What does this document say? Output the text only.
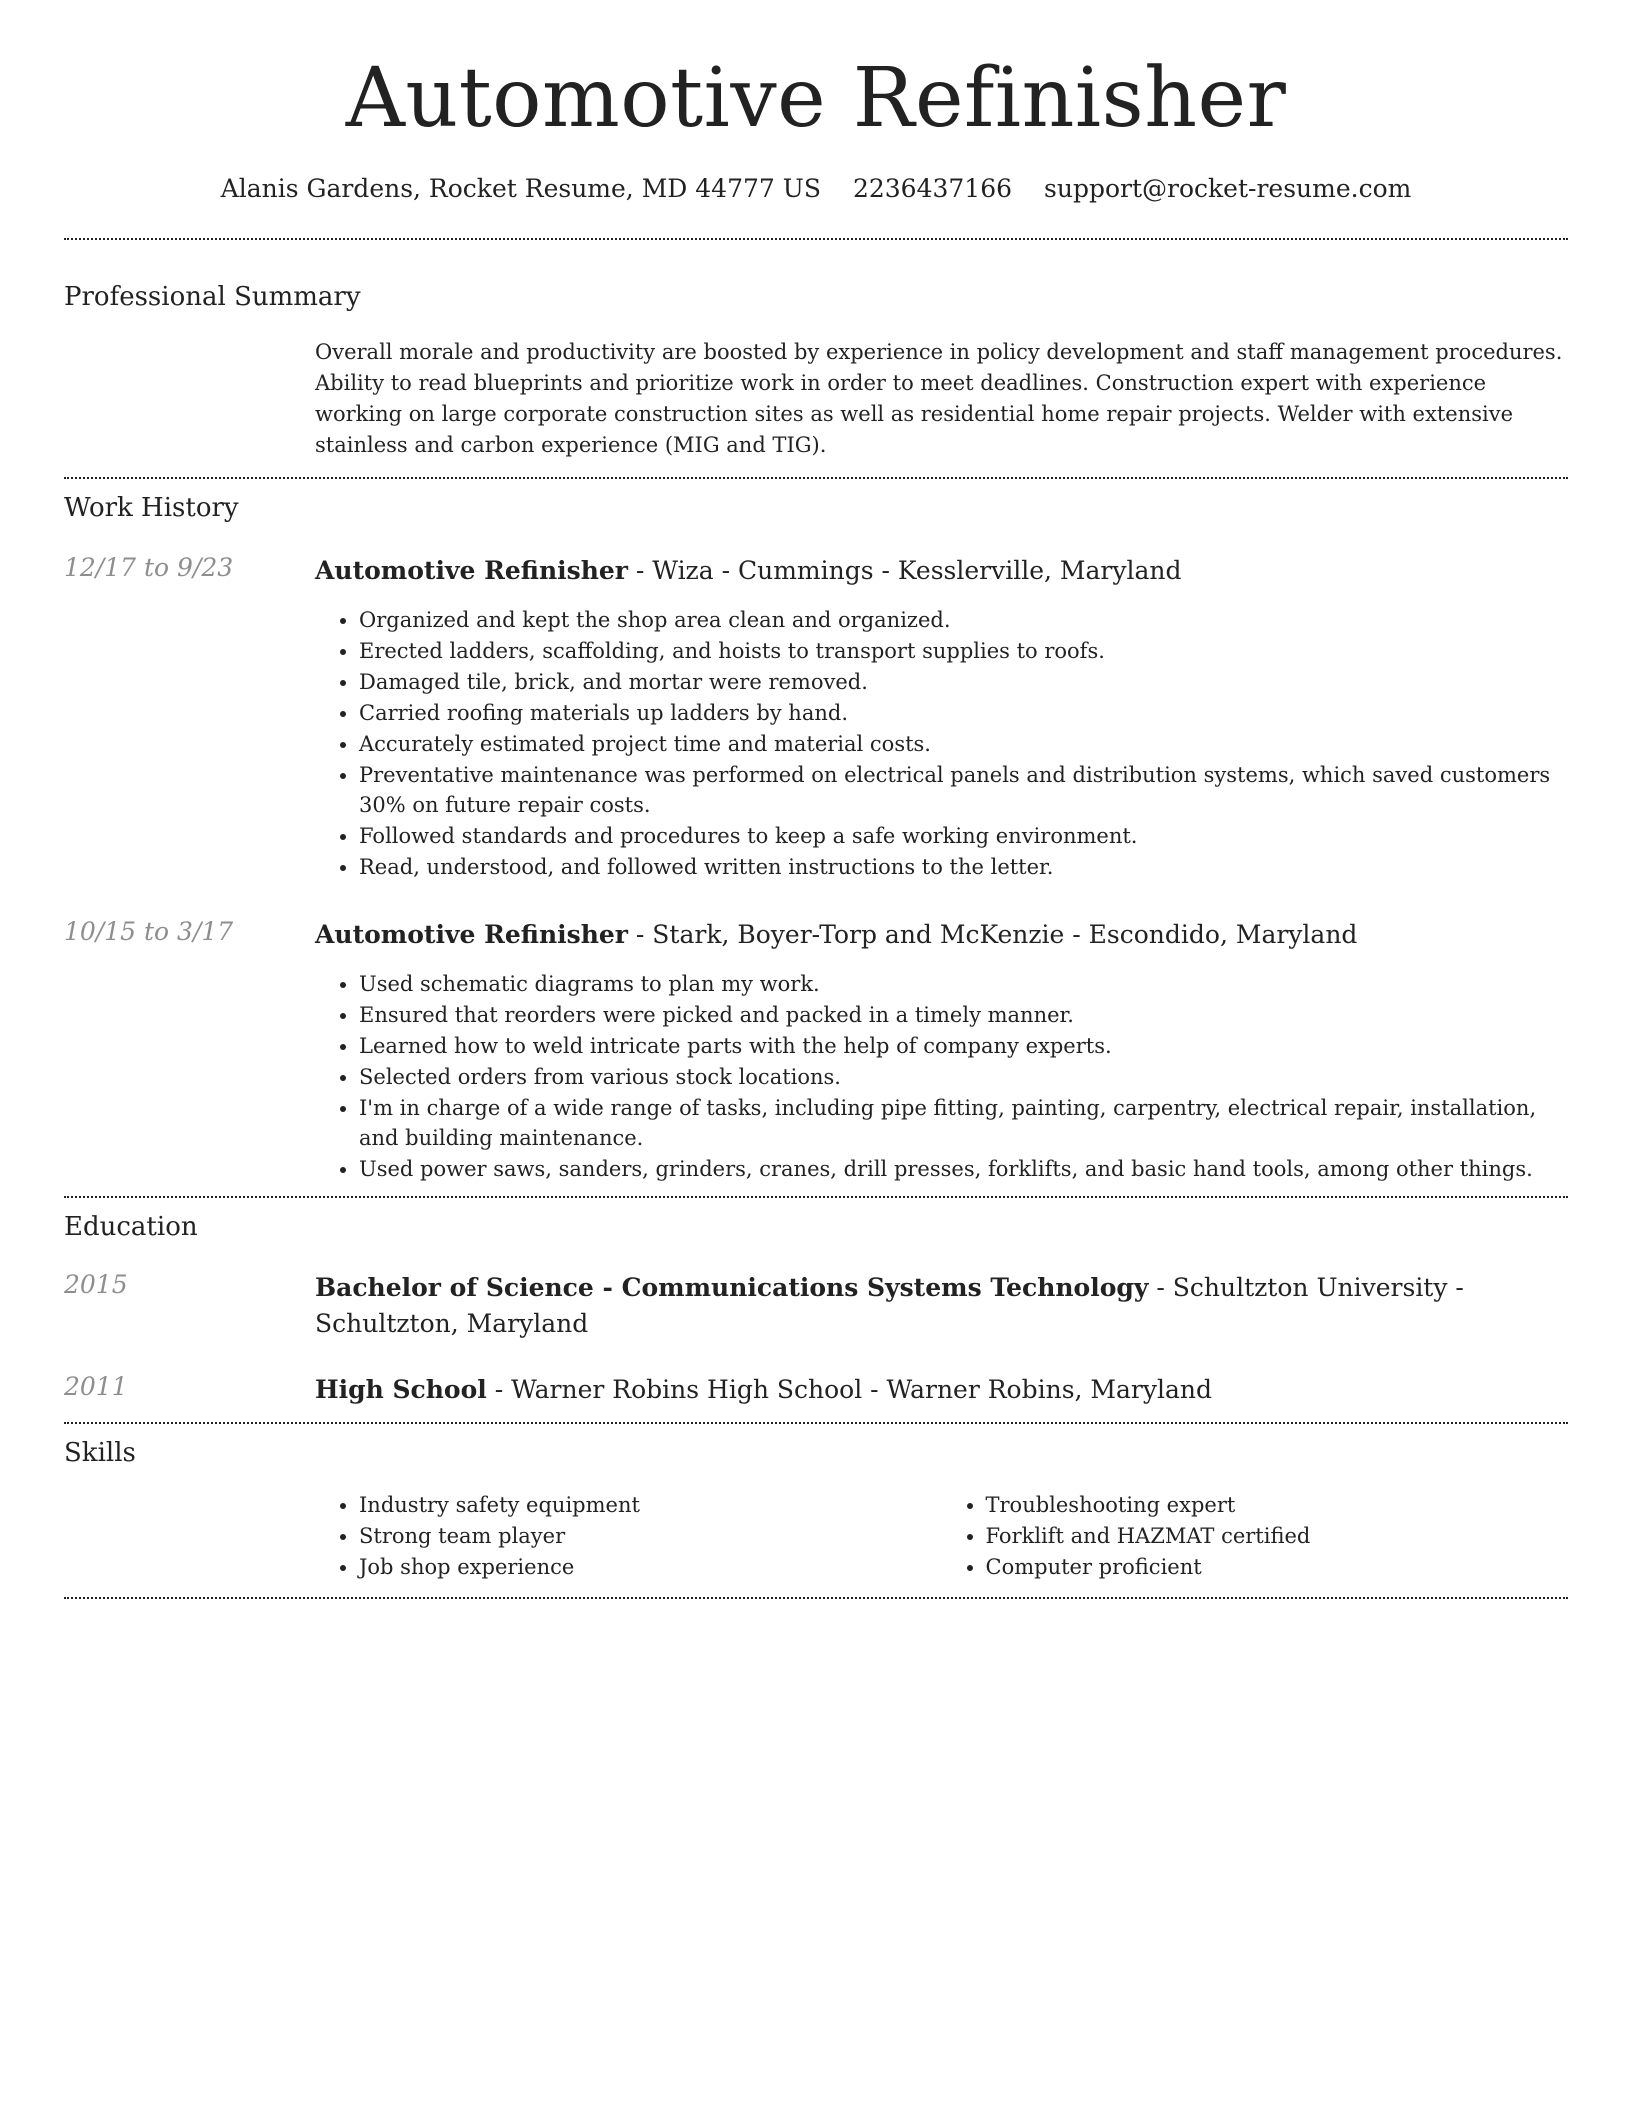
Automotive Refinisher
Alanis Gardens, Rocket Resume, MD 44777 US 2236437166 support@rocket-resume.com
Professional Summary
Overall morale and productivity are boosted by experience in policy development and staff management procedures. Ability to read blueprints and prioritize work in order to meet deadlines. Construction expert with experience working on large corporate construction sites as well as residential home repair projects. Welder with extensive stainless and carbon experience (MIG and TIG).
Work History
12/17 to 9/23	Automotive Refinisher - Wiza - Cummings - Kesslerville, Maryland
• Organized and kept the shop area clean and organized.
• Erected ladders, scaffolding, and hoists to transport supplies to roofs.
• Damaged tile, brick, and mortar were removed.
• Carried roofing materials up ladders by hand.
• Accurately estimated project time and material costs.
• Preventative maintenance was performed on electrical panels and distribution systems, which saved customers 30% on future repair costs.
• Followed standards and procedures to keep a safe working environment.
• Read, understood, and followed written instructions to the letter.
10/15 to 3/17	Automotive Refinisher - Stark, Boyer-Torp and McKenzie - Escondido, Maryland
• Used schematic diagrams to plan my work.
• Ensured that reorders were picked and packed in a timely manner.
• Learned how to weld intricate parts with the help of company experts.
• Selected orders from various stock locations.
• I'm in charge of a wide range of tasks, including pipe fitting, painting, carpentry, electrical repair, installation, and building maintenance.
• Used power saws, sanders, grinders, cranes, drill presses, forklifts, and basic hand tools, among other things.
Education
2015	Bachelor of Science - Communications Systems Technology - Schultzton University - Schultzton, Maryland
2011	High School - Warner Robins High School - Warner Robins, Maryland
Skills
• Industry safety equipment
• Strong team player
• Job shop experience
• Troubleshooting expert
• Forklift and HAZMAT certified
• Computer proficient
